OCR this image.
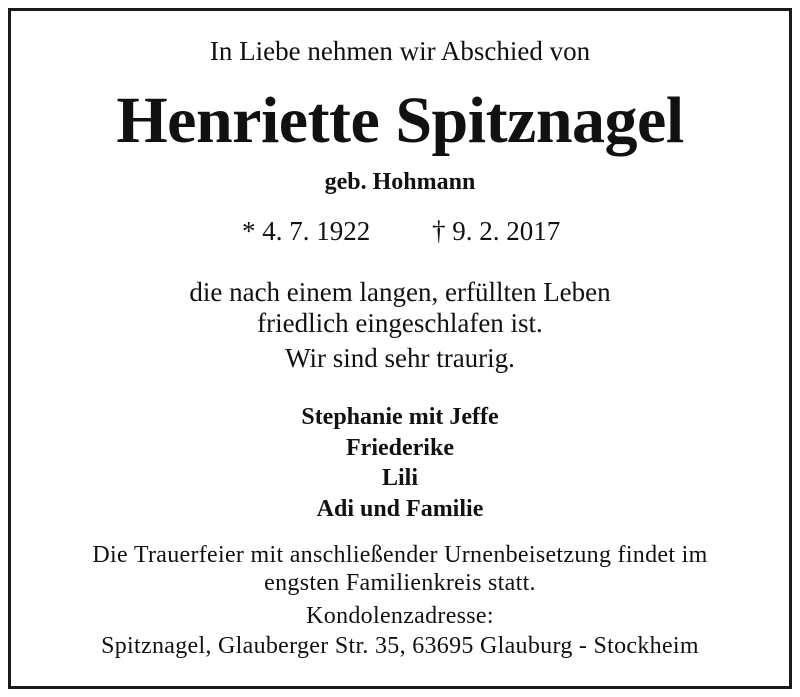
In Liebe nehmen wir Abschied von
Henriette Spitznagel
geb. Hohmann
* 4. 7. 1922 † 9. 2. 2017
die nach einem langen, erfüllten Leben
friedlich eingeschlafen ist.
Wir sind sehr traurig.
Stephanie mit Jeffe
Friederike
Lili
Adi und Familie
Die Trauerfeier mit anschließender Urnenbeisetzung findet im
engsten Familienkreis statt.
Kondolenzadresse:
Spitznagel, Glauberger Str. 35, 63695 Glauburg - Stockheim
